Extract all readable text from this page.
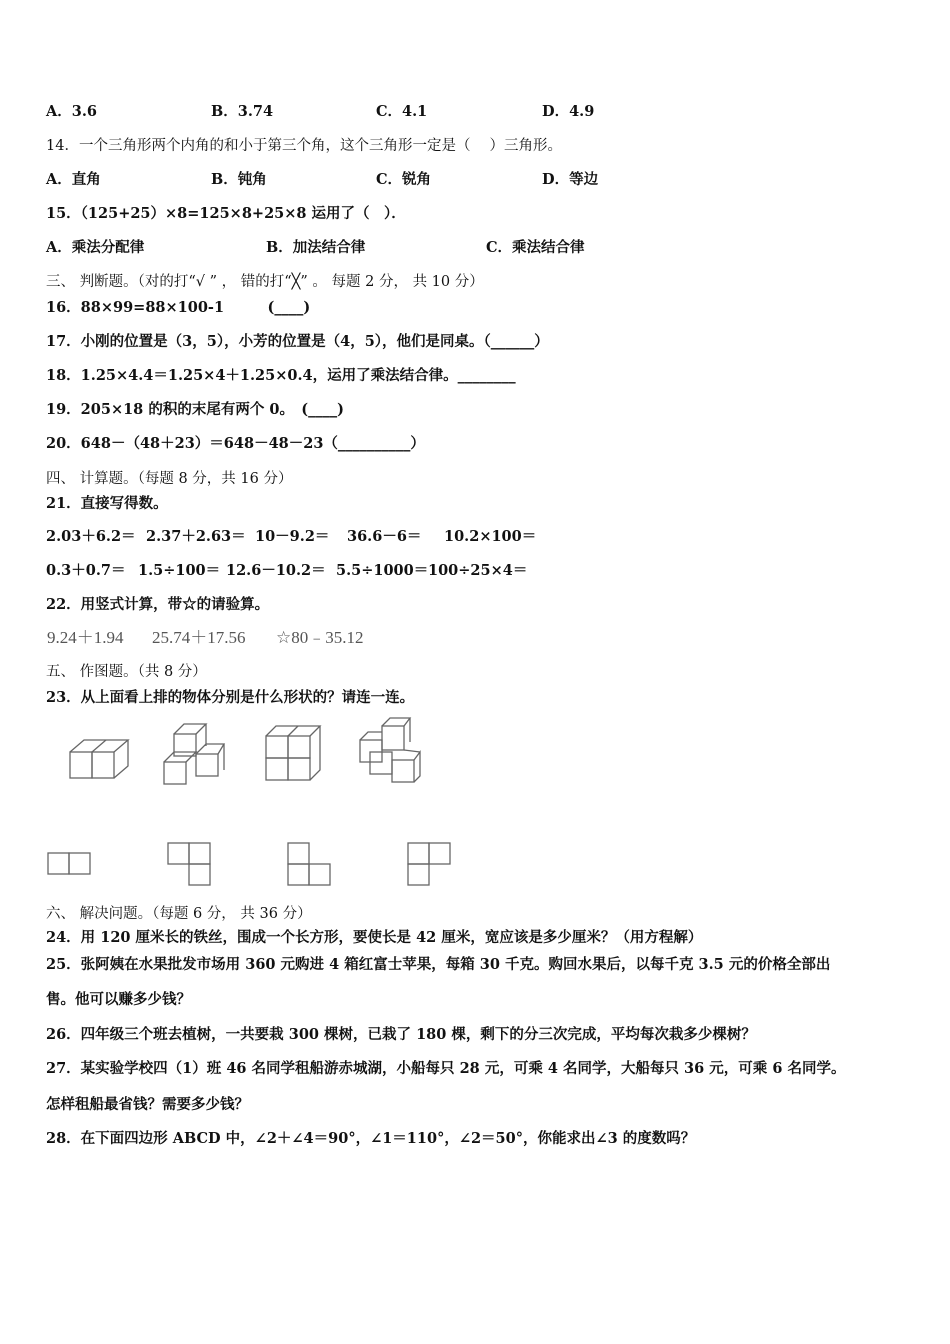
A．3.6	B．3.74	C．4.1	D．4.9
14．一个三角形两个内角的和小于第三个角，这个三角形一定是（　 ）三角形。
A．直角	B．钝角	C．锐角	D．等边
15．（125+25）×8=125×8+25×8 运用了（　）．
A．乘法分配律	B．加法结合律	C．乘法结合律
三、 判断题。（对的打“√ ” ， 错的打“╳” 。 每题 2 分， 共 10 分）
16．88×99=88×100-1　　　(____)
17．小刚的位置是（3，5），小芳的位置是（4，5），他们是同桌。（______）
18．1.25×4.4＝1.25×4＋1.25×0.4，运用了乘法结合律。________
19．205×18 的积的末尾有两个 0。　(____)
20．648－（48＋23）＝648－48－23（__________）
四、 计算题。（每题 8 分，共 16 分）
21．直接写得数。
2.03＋6.2＝ 2.37＋2.63＝ 10－9.2＝ 36.6－6＝ 10.2×100＝
0.3＋0.7＝ 1.5÷100＝ 12.6－10.2＝ 5.5÷1000＝ 100÷25×4＝
22．用竖式计算，带☆的请验算。
9.24＋1.94 25.74＋17.56 ☆80﹣35.12
五、 作图题。（共 8 分）
23．从上面看上排的物体分别是什么形状的？请连一连。
六、 解决问题。（每题 6 分， 共 36 分）
24．用 120 厘米长的铁丝，围成一个长方形，要使长是 42 厘米，宽应该是多少厘米？（用方程解）
25．张阿姨在水果批发市场用 360 元购进 4 箱红富士苹果，每箱 30 千克。购回水果后，以每千克 3.5 元的价格全部出
售。他可以赚多少钱？
26．四年级三个班去植树，一共要栽 300 棵树，已栽了 180 棵，剩下的分三次完成，平均每次栽多少棵树？
27．某实验学校四（1）班 46 名同学租船游赤城湖，小船每只 28 元，可乘 4 名同学，大船每只 36 元，可乘 6 名同学。
怎样租船最省钱？需要多少钱？
28．在下面四边形 ABCD 中，∠2＋∠4＝90°，∠1＝110°，∠2＝50°，你能求出∠3 的度数吗？
